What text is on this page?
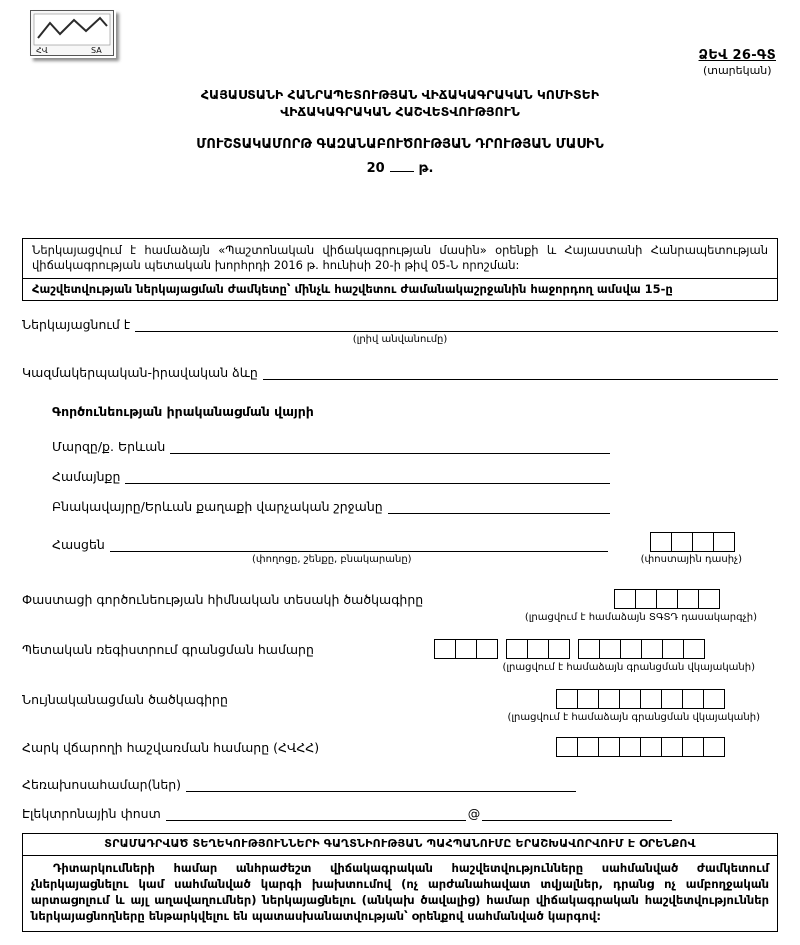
ՀՎ	SA	ՁԵՎ 26-ԳՏ
(տարեկան)
ՀԱՅԱՍՏԱՆԻ ՀԱՆՐԱՊԵՏՈՒԹՅԱՆ ՎԻՃԱԿԱԳՐԱԿԱՆ ԿՈՄԻՏԵԻ
ՎԻՃԱԿԱԳՐԱԿԱՆ ՀԱՇՎԵՏՎՈՒԹՅՈՒՆ
ՄՈՒՇՏԱԿԱՄՈՐԹ ԳԱԶԱՆԱԲՈՒԾՈՒԹՅԱՆ ԴՐՈՒԹՅԱՆ ՄԱՍԻՆ
20	թ.
Ներկայացվում է համաձայն «Պաշտոնական վիճակագրության մասին» օրենքի և Հայաստանի Հանրապետության վիճակագրության պետական խորհրդի 2016 թ. հունիսի 20-ի թիվ 05-Ն որոշման:
Հաշվետվության ներկայացման ժամկետը՝ մինչև հաշվետու ժամանակաշրջանին հաջորդող ամսվա 15-ը
Ներկայացնում է
(լրիվ անվանումը)
Կազմակերպական-իրավական ձևը
Գործունեության իրականացման վայրի
Մարզը/ք. Երևան
Համայնքը
Բնակավայրը/Երևան քաղաքի վարչական շրջանը
Հասցեն
(փողոցը, շենքը, բնակարանը)	(փոստային դասիչ)
Փաստացի գործունեության հիմնական տեսակի ծածկագիրը
(լրացվում է համաձայն ՏԳՏԴ դասակարգչի)
Պետական ռեգիստրում գրանցման համարը
(լրացվում է համաձայն գրանցման վկայականի)
Նույնականացման ծածկագիրը
(լրացվում է համաձայն գրանցման վկայականի)
Հարկ վճարողի հաշվառման համարը (ՀՎՀՀ)
Հեռախոսահամար(ներ)
Էլեկտրոնային փոստ	@
ՏՐԱՄԱԴՐՎԱԾ ՏԵՂԵԿՈՒԹՅՈՒՆՆԵՐԻ ԳԱՂՏՆԻՈՒԹՅԱՆ ՊԱՀՊԱՆՈՒՄԸ ԵՐԱՇԽԱՎՈՐՎՈՒՄ Է ՕՐԵՆՔՈՎ
Դիտարկումների համար անհրաժեշտ վիճակագրական հաշվետվությունները սահմանված ժամկետում չներկայացնելու կամ սահմանված կարգի խախտումով (ոչ արժանահավատ տվյալներ, դրանց ոչ ամբողջական արտացոլում և այլ աղավաղումներ) ներկայացնելու (անկախ ծավալից) համար վիճակագրական հաշվետվություններ ներկայացնողները ենթարկվելու են պատասխանատվության՝ օրենքով սահմանված կարգով:
